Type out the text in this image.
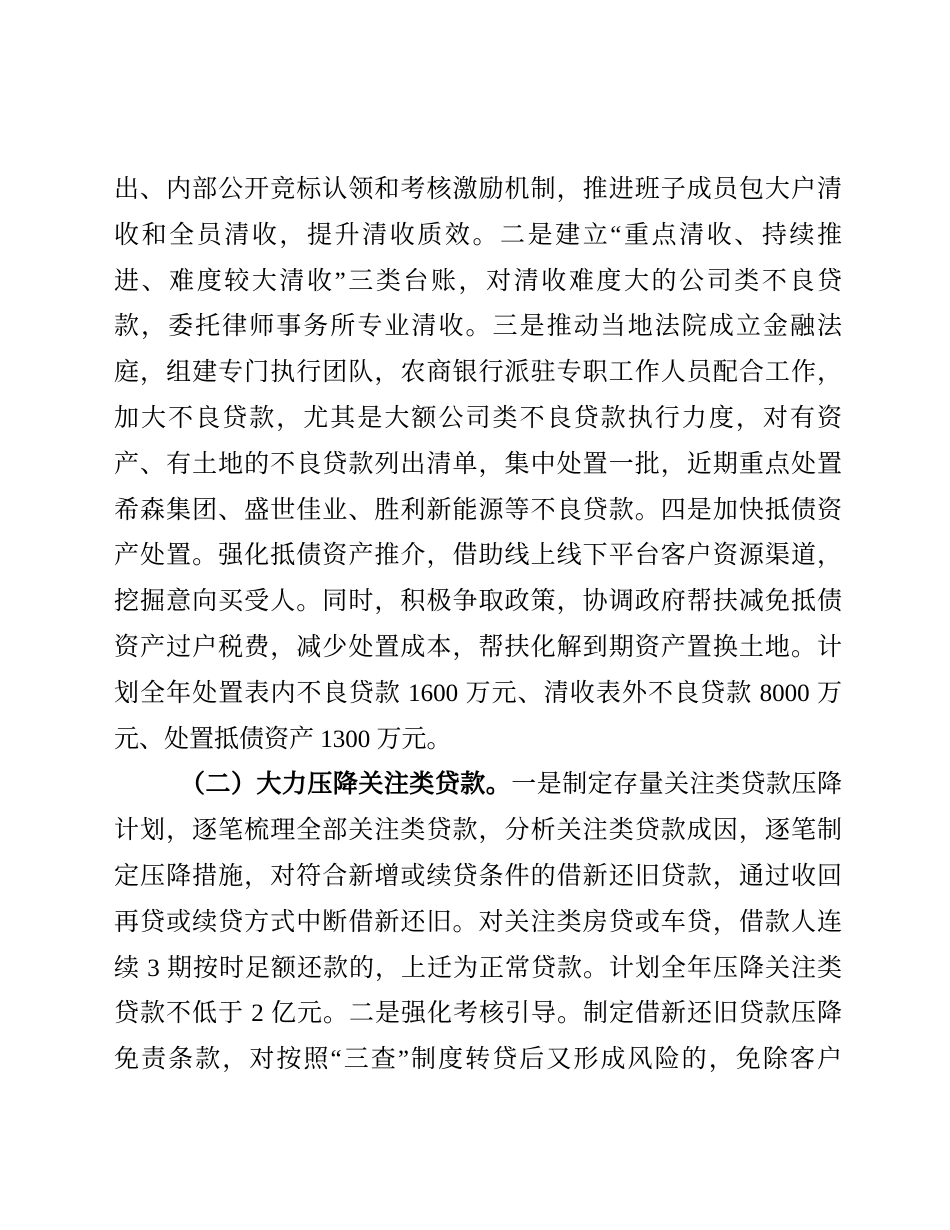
出、内部公开竞标认领和考核激励机制，推进班子成员包大户清
收和全员清收，提升清收质效。二是建立“重点清收、持续推
进、难度较大清收”三类台账，对清收难度大的公司类不良贷
款，委托律师事务所专业清收。三是推动当地法院成立金融法
庭，组建专门执行团队，农商银行派驻专职工作人员配合工作，
加大不良贷款，尤其是大额公司类不良贷款执行力度，对有资
产、有土地的不良贷款列出清单，集中处置一批，近期重点处置
希森集团、盛世佳业、胜利新能源等不良贷款。四是加快抵债资
产处置。强化抵债资产推介，借助线上线下平台客户资源渠道，
挖掘意向买受人。同时，积极争取政策，协调政府帮扶减免抵债
资产过户税费，减少处置成本，帮扶化解到期资产置换土地。计
划全年处置表内不良贷款 1600 万元、清收表外不良贷款 8000 万
元、处置抵债资产 1300 万元。
（二）大力压降关注类贷款。一是制定存量关注类贷款压降
计划，逐笔梳理全部关注类贷款，分析关注类贷款成因，逐笔制
定压降措施，对符合新增或续贷条件的借新还旧贷款，通过收回
再贷或续贷方式中断借新还旧。对关注类房贷或车贷，借款人连
续 3 期按时足额还款的，上迁为正常贷款。计划全年压降关注类
贷款不低于 2 亿元。二是强化考核引导。制定借新还旧贷款压降
免责条款，对按照“三查”制度转贷后又形成风险的，免除客户
